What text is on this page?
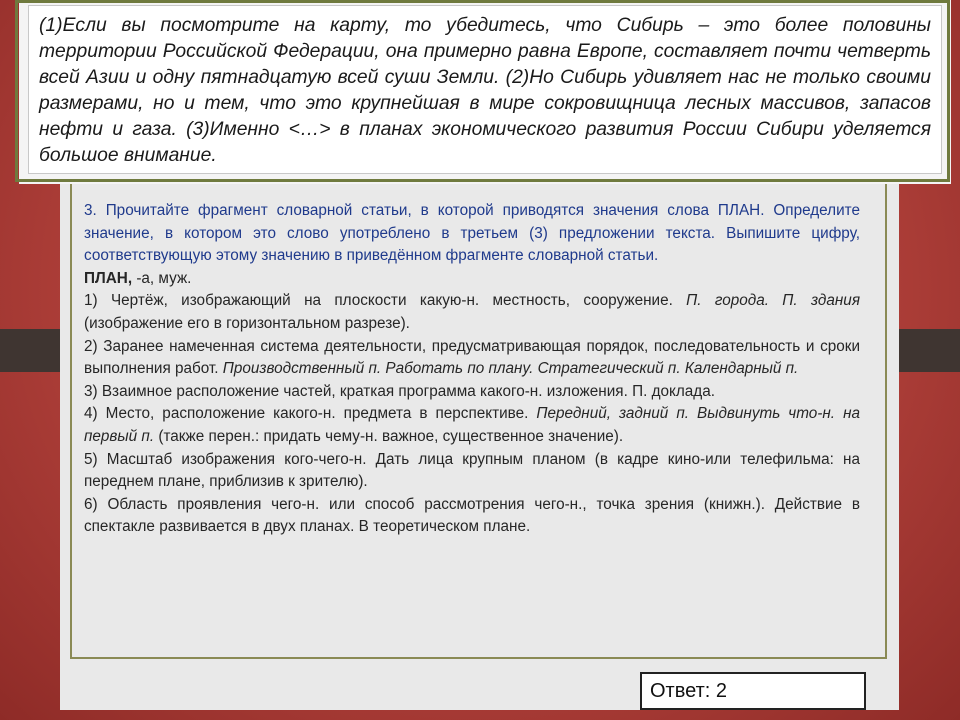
(1)Если вы посмотрите на карту, то убедитесь, что Сибирь – это более половины территории Российской Федерации, она примерно равна Европе, составляет почти четверть всей Азии и одну пятнадцатую всей суши Земли. (2)Но Сибирь удивляет нас не только своими размерами, но и тем, что это крупнейшая в мире сокровищница лесных массивов, запасов нефти и газа. (3)Именно <…> в планах экономического развития России Сибири уделяется большое внимание.

3. Прочитайте фрагмент словарной статьи, в которой приводятся значения слова ПЛАН. Определите значение, в котором это слово употреблено в третьем (3) предложении текста. Выпишите цифру, соответствующую этому значению в приведённом фрагменте словарной статьи.

ПЛАН, -а, муж.

1) Чертёж, изображающий на плоскости какую-н. местность, сооружение. П. города. П. здания (изображение его в горизонтальном разрезе).

2) Заранее намеченная система деятельности, предусматривающая порядок, последовательность и сроки выполнения работ. Производственный п. Работать по плану. Стратегический п. Календарный п.

3) Взаимное расположение частей, краткая программа какого-н. изложения. П. доклада.

4) Место, расположение какого-н. предмета в перспективе. Передний, задний п. Выдвинуть что-н. на первый п. (также перен.: придать чему-н. важное, существенное значение).

5) Масштаб изображения кого-чего-н. Дать лица крупным планом (в кадре кино-или телефильма: на переднем плане, приблизив к зрителю).

6) Область проявления чего-н. или способ рассмотрения чего-н., точка зрения (книжн.). Действие в спектакле развивается в двух планах. В теоретическом плане.

Ответ: 2
